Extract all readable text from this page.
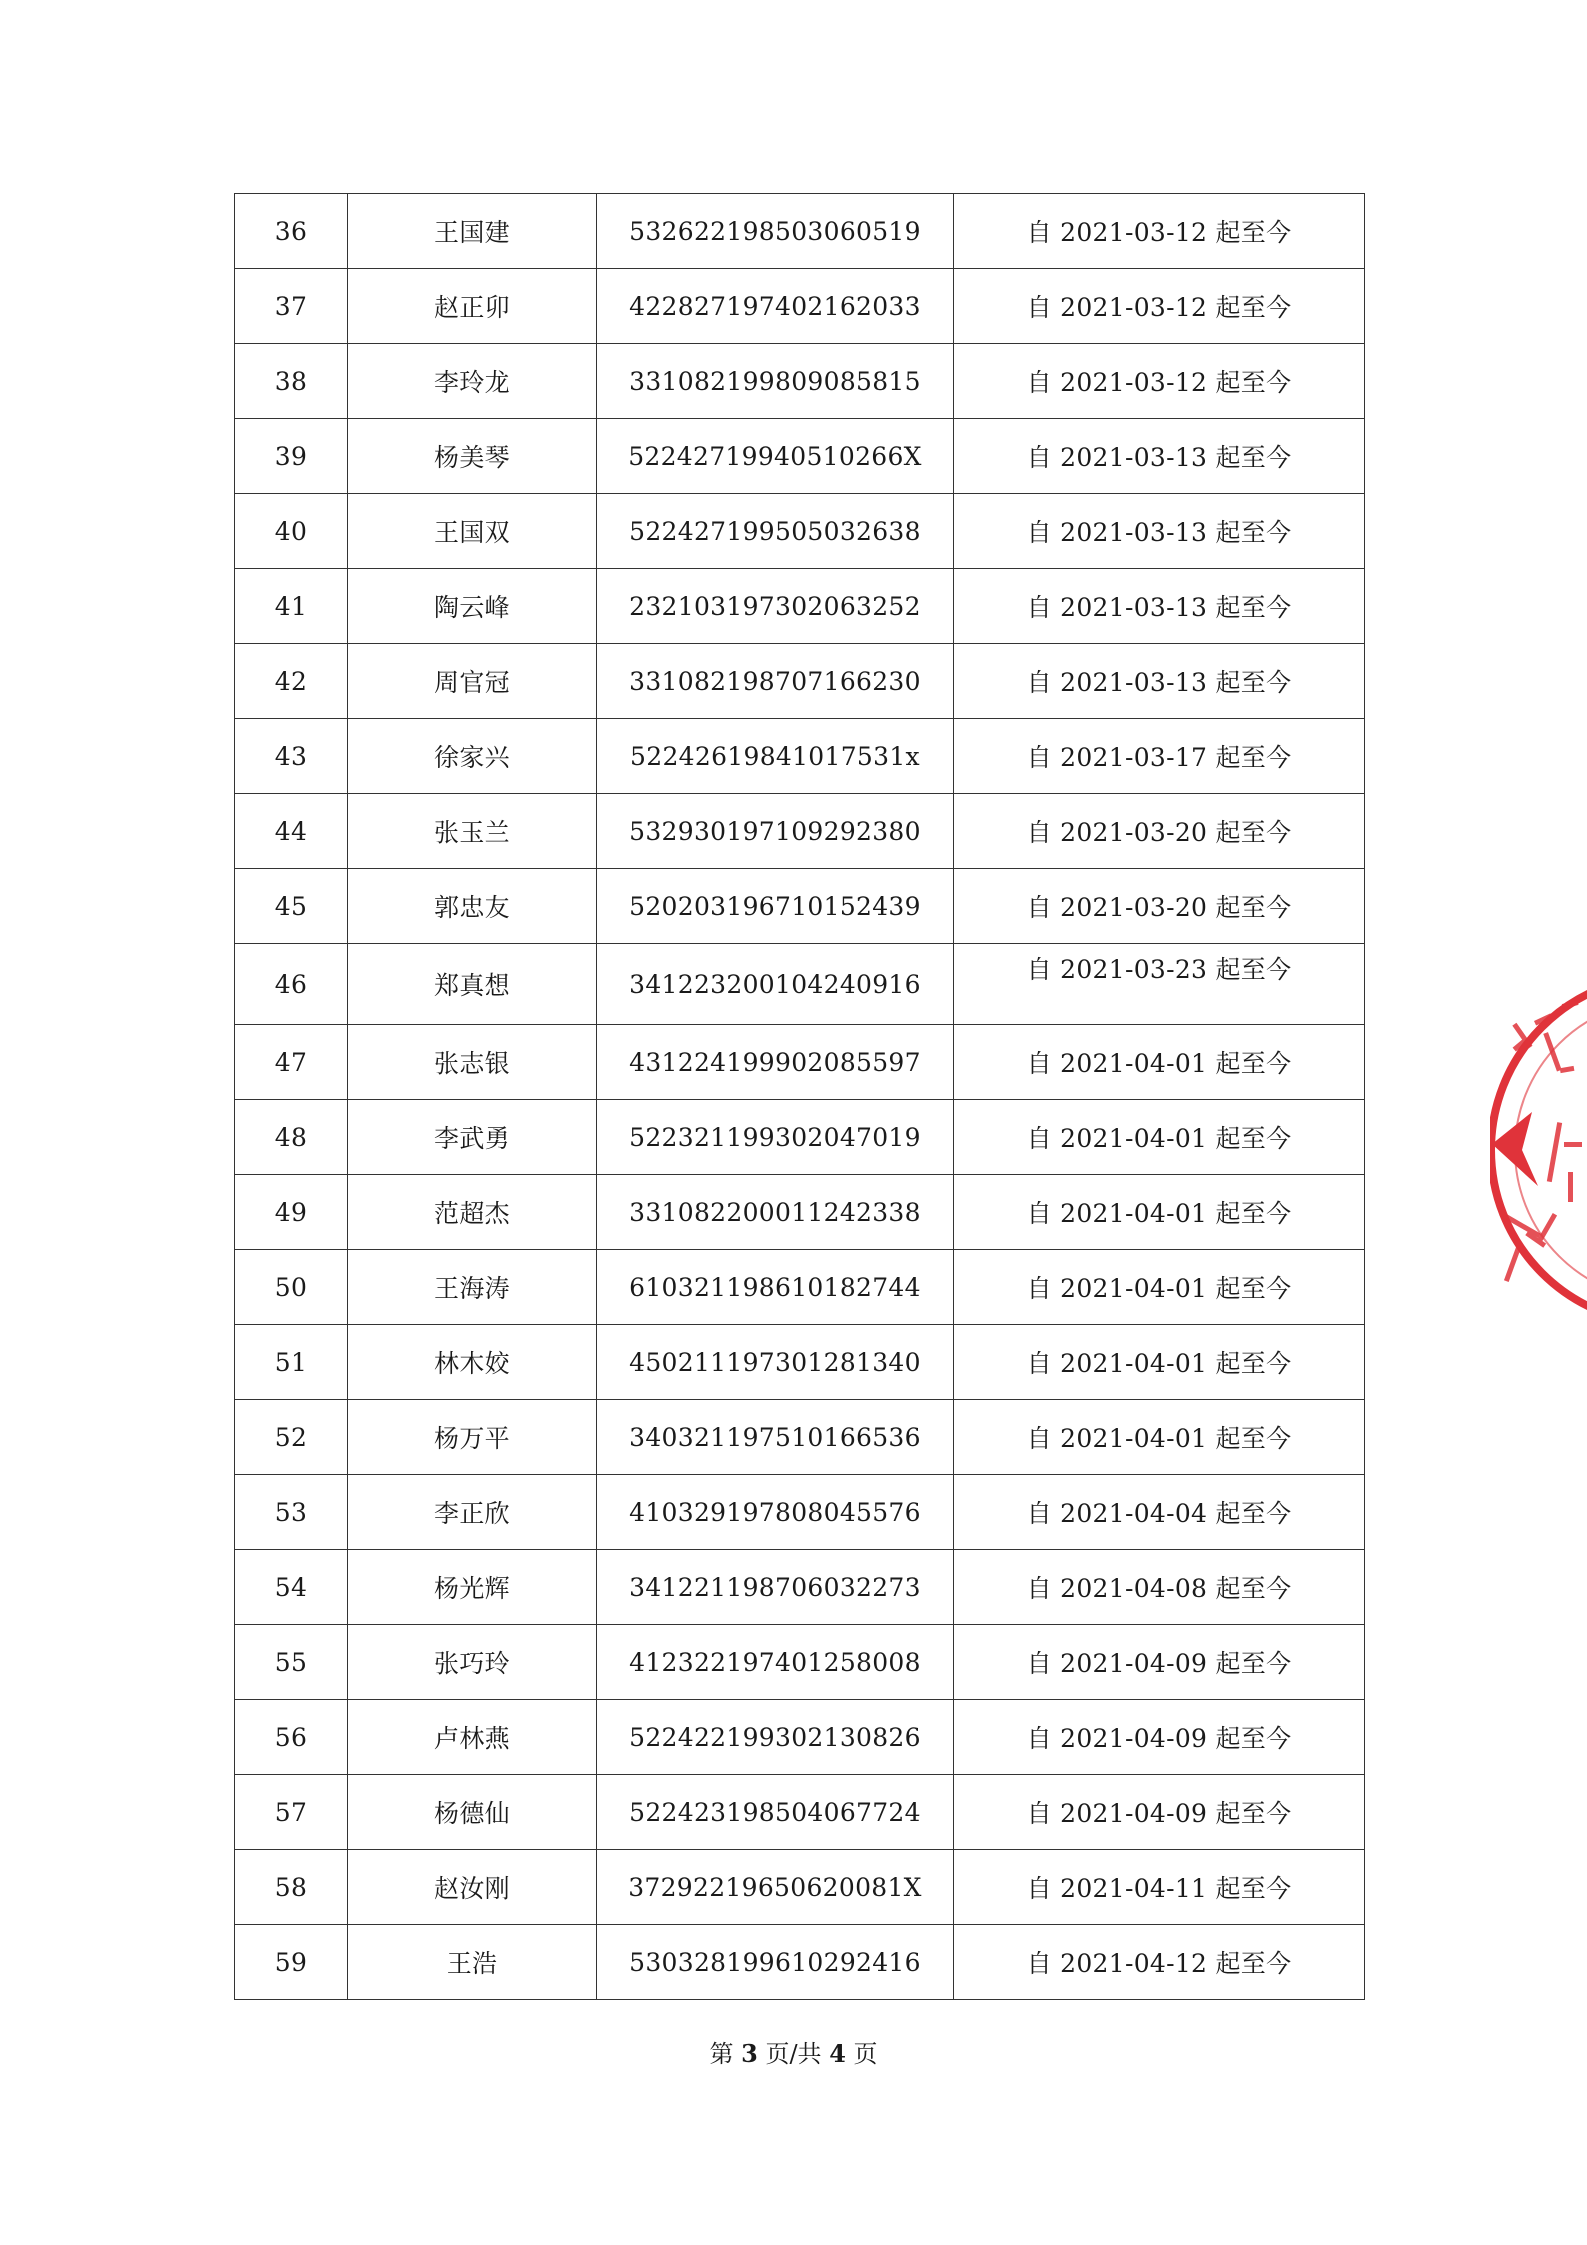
36	王国建	532622198503060519	自 2021-03-12 起至今
37	赵正卯	422827197402162033	自 2021-03-12 起至今
38	李玲龙	331082199809085815	自 2021-03-12 起至今
39	杨美琴	52242719940510266X	自 2021-03-13 起至今
40	王国双	522427199505032638	自 2021-03-13 起至今
41	陶云峰	232103197302063252	自 2021-03-13 起至今
42	周官冠	331082198707166230	自 2021-03-13 起至今
43	徐家兴	52242619841017531x	自 2021-03-17 起至今
44	张玉兰	532930197109292380	自 2021-03-20 起至今
45	郭忠友	520203196710152439	自 2021-03-20 起至今
46	郑真想	341223200104240916	自 2021-03-23 起至今
47	张志银	431224199902085597	自 2021-04-01 起至今
48	李武勇	522321199302047019	自 2021-04-01 起至今
49	范超杰	331082200011242338	自 2021-04-01 起至今
50	王海涛	610321198610182744	自 2021-04-01 起至今
51	林木姣	450211197301281340	自 2021-04-01 起至今
52	杨万平	340321197510166536	自 2021-04-01 起至今
53	李正欣	410329197808045576	自 2021-04-04 起至今
54	杨光辉	341221198706032273	自 2021-04-08 起至今
55	张巧玲	412322197401258008	自 2021-04-09 起至今
56	卢林燕	522422199302130826	自 2021-04-09 起至今
57	杨德仙	522423198504067724	自 2021-04-09 起至今
58	赵汝刚	37292219650620081X	自 2021-04-11 起至今
59	王浩	530328199610292416	自 2021-04-12 起至今
第 3 页/共 4 页
